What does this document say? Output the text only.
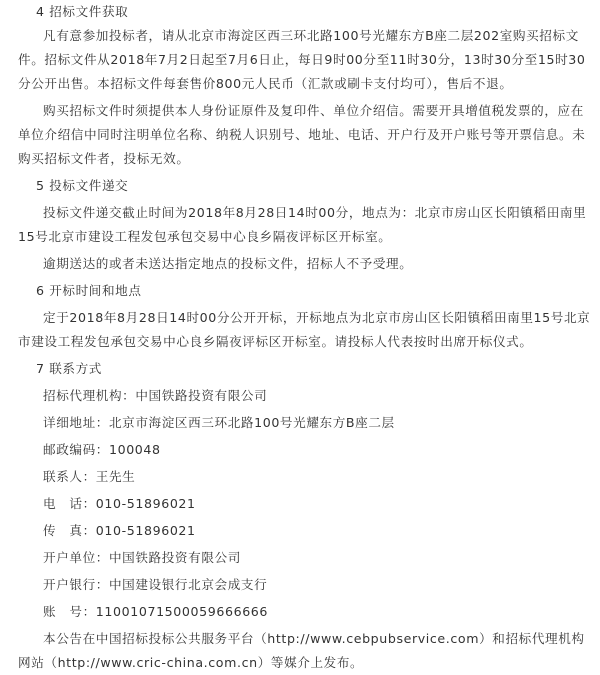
4 招标文件获取

凡有意参加投标者，请从北京市海淀区西三环北路100号光耀东方B座二层202室购买招标文件。招标文件从2018年7月2日起至7月6日止，每日9时00分至11时30分，13时30分至15时30分公开出售。本招标文件每套售价800元人民币（汇款或刷卡支付均可），售后不退。

购买招标文件时须提供本人身份证原件及复印件、单位介绍信。需要开具增值税发票的，应在单位介绍信中同时注明单位名称、纳税人识别号、地址、电话、开户行及开户账号等开票信息。未购买招标文件者，投标无效。

5 投标文件递交

投标文件递交截止时间为2018年8月28日14时00分，地点为：北京市房山区长阳镇稻田南里15号北京市建设工程发包承包交易中心良乡隔夜评标区开标室。

逾期送达的或者未送达指定地点的投标文件，招标人不予受理。

6 开标时间和地点

定于2018年8月28日14时00分公开开标，开标地点为北京市房山区长阳镇稻田南里15号北京市建设工程发包承包交易中心良乡隔夜评标区开标室。请投标人代表按时出席开标仪式。

7 联系方式

招标代理机构：中国铁路投资有限公司

详细地址：北京市海淀区西三环北路100号光耀东方B座二层

邮政编码：100048

联系人：王先生

电　话：010-51896021

传　真：010-51896021

开户单位：中国铁路投资有限公司

开户银行：中国建设银行北京会成支行

账　号：11001071500059666666

本公告在中国招标投标公共服务平台（http://www.cebpubservice.com）和招标代理机构网站（http://www.cric-china.com.cn）等媒介上发布。
